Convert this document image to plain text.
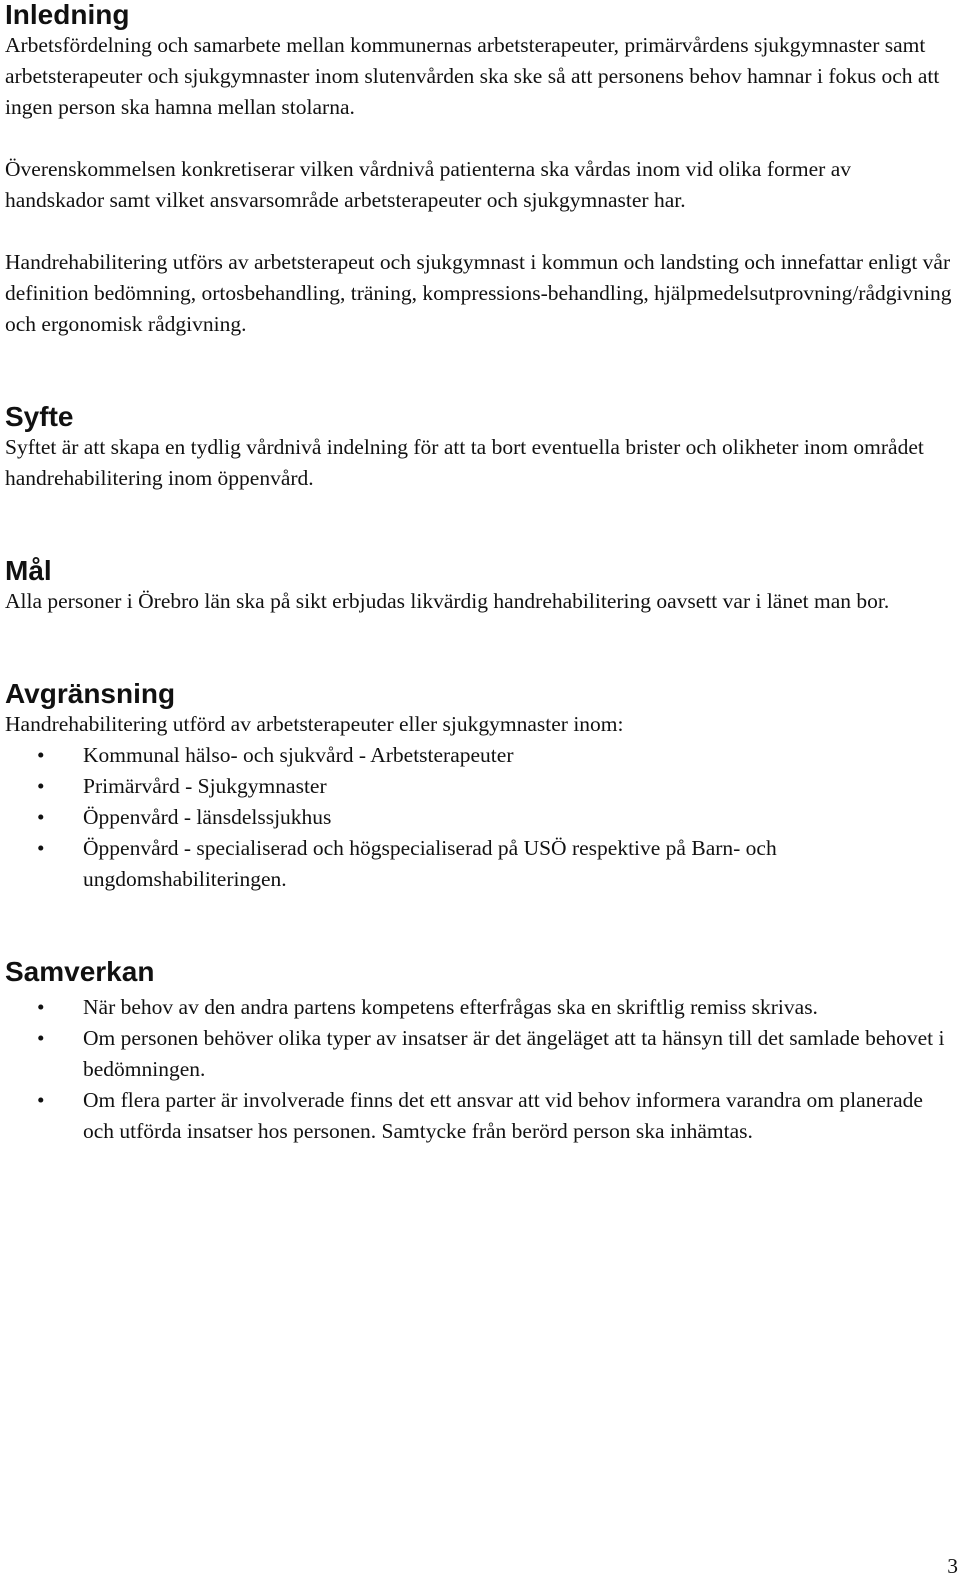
Inledning

Arbetsfördelning och samarbete mellan kommunernas arbetsterapeuter, primärvårdens sjukgymnaster samt arbetsterapeuter och sjukgymnaster inom slutenvården ska ske så att personens behov hamnar i fokus och att ingen person ska hamna mellan stolarna.

Överenskommelsen konkretiserar vilken vårdnivå patienterna ska vårdas inom vid olika former av handskador samt vilket ansvarsområde arbetsterapeuter och sjukgymnaster har.

Handrehabilitering utförs av arbetsterapeut och sjukgymnast i kommun och landsting och innefattar enligt vår definition bedömning, ortosbehandling, träning, kompressions-behandling, hjälpmedelsutprovning/rådgivning och ergonomisk rådgivning.

Syfte

Syftet är att skapa en tydlig vårdnivå indelning för att ta bort eventuella brister och olikheter inom området handrehabilitering inom öppenvård.

Mål

Alla personer i Örebro län ska på sikt erbjudas likvärdig handrehabilitering oavsett var i länet man bor.

Avgränsning

Handrehabilitering utförd av arbetsterapeuter eller sjukgymnaster inom:

• Kommunal hälso- och sjukvård - Arbetsterapeuter
• Primärvård - Sjukgymnaster
• Öppenvård - länsdelssjukhus
• Öppenvård - specialiserad och högspecialiserad på USÖ respektive på Barn- och ungdomshabiliteringen.
Samverkan
• När behov av den andra partens kompetens efterfrågas ska en skriftlig remiss skrivas.
• Om personen behöver olika typer av insatser är det ängeläget att ta hänsyn till det samlade behovet i bedömningen.
• Om flera parter är involverade finns det ett ansvar att vid behov informera varandra om planerade och utförda insatser hos personen. Samtycke från berörd person ska inhämtas.
3
